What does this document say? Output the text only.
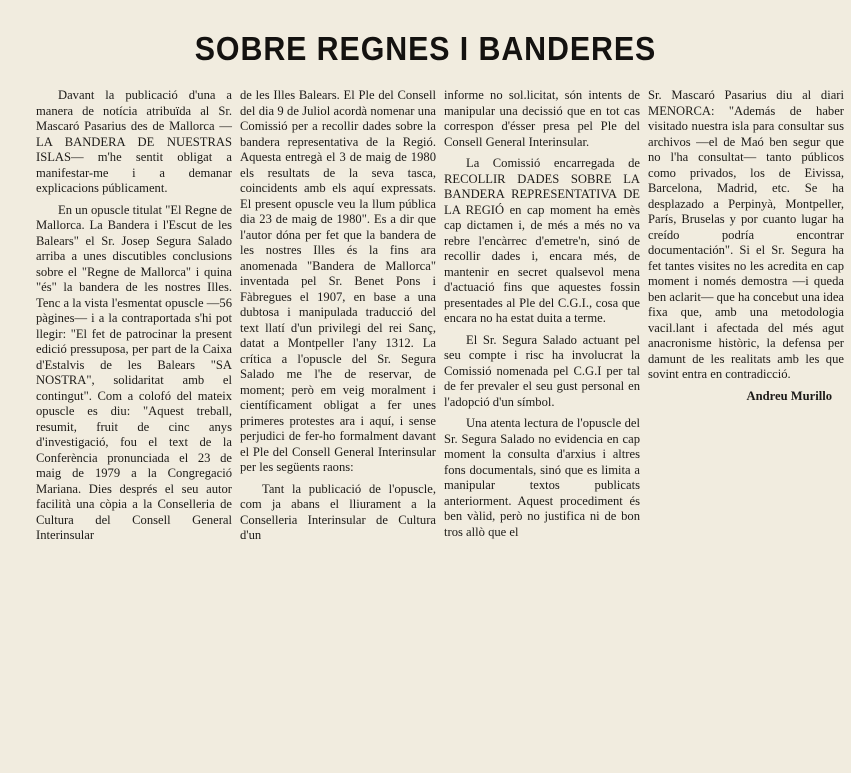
SOBRE REGNES I BANDERES

Davant la publicació d'una a manera de notícia atribuïda al Sr. Mascaró Pasarius des de Mallorca —LA BANDERA DE NUESTRAS ISLAS— m'he sentit obligat a manifestar-me i a demanar explicacions públicament.

En un opuscle titulat "El Regne de Mallorca. La Bandera i l'Escut de les Balears" el Sr. Josep Segura Salado arriba a unes discutibles conclusions sobre el "Regne de Mallorca" i quina "és" la bandera de les nostres Illes. Tenc a la vista l'esmentat opuscle —56 pàgines— i a la contraportada s'hi pot llegir: "El fet de patrocinar la present edició pressuposa, per part de la Caixa d'Estalvis de les Balears "SA NOSTRA", solidaritat amb el contingut". Com a colofó del mateix opuscle es diu: "Aquest treball, resumit, fruit de cinc anys d'investigació, fou el text de la Conferència pronunciada el 23 de maig de 1979 a la Congregació Mariana. Dies després el seu autor facilità una còpia a la Conselleria de Cultura del Consell General Interinsular

de les Illes Balears. El Ple del Consell del dia 9 de Juliol acordà nomenar una Comissió per a recollir dades sobre la bandera representativa de la Regió. Aquesta entregà el 3 de maig de 1980 els resultats de la seva tasca, coincidents amb els aquí expressats. El present opuscle veu la llum pública dia 23 de maig de 1980". Es a dir que l'autor dóna per fet que la bandera de les nostres Illes és la fins ara anomenada "Bandera de Mallorca" inventada pel Sr. Benet Pons i Fàbregues el 1907, en base a una dubtosa i manipulada traducció del text llatí d'un privilegi del rei Sanç, datat a Montpeller l'any 1312. La crítica a l'opuscle del Sr. Segura Salado me l'he de reservar, de moment; però em veig moralment i científicament obligat a fer unes primeres protestes ara i aquí, i sense perjudici de fer-ho formalment davant el Ple del Consell General Interinsular per les següents raons:

Tant la publicació de l'opuscle, com ja abans el lliurament a la Conselleria Interinsular de Cultura d'un

informe no sol.licitat, són intents de manipular una decissió que en tot cas correspon d'ésser presa pel Ple del Consell General Interinsular.

La Comissió encarregada de RECOLLIR DADES SOBRE LA BANDERA REPRESENTATIVA DE LA REGIÓ en cap moment ha emès cap dictamen i, de més a més no va rebre l'encàrrec d'emetre'n, sinó de recollir dades i, encara més, de mantenir en secret qualsevol mena d'actuació fins que aquestes fossin presentades al Ple del C.G.I., cosa que encara no ha estat duita a terme.

El Sr. Segura Salado actuant pel seu compte i risc ha involucrat la Comissió nomenada pel C.G.I per tal de fer prevaler el seu gust personal en l'adopció d'un símbol.

Una atenta lectura de l'opuscle del Sr. Segura Salado no evidencia en cap moment la consulta d'arxius i altres fons documentals, sinó que es limita a manipular textos publicats anteriorment. Aquest procediment és ben vàlid, però no justifica ni de bon tros allò que el

Sr. Mascaró Pasarius diu al diari MENORCA: "Además de haber visitado nuestra isla para consultar sus archivos —el de Maó ben segur que no l'ha consultat— tanto públicos como privados, los de Eivissa, Barcelona, Madrid, etc. Se ha desplazado a Perpinyà, Montpeller, París, Bruselas y por cuanto lugar ha creído podría encontrar documentación". Si el Sr. Segura ha fet tantes visites no les acredita en cap moment i només demostra —i queda ben aclarit— que ha concebut una idea fixa que, amb una metodologia vacil.lant i afectada del més agut anacronisme històric, la defensa per damunt de les realitats amb les que sovint entra en contradicció.

Andreu Murillo
